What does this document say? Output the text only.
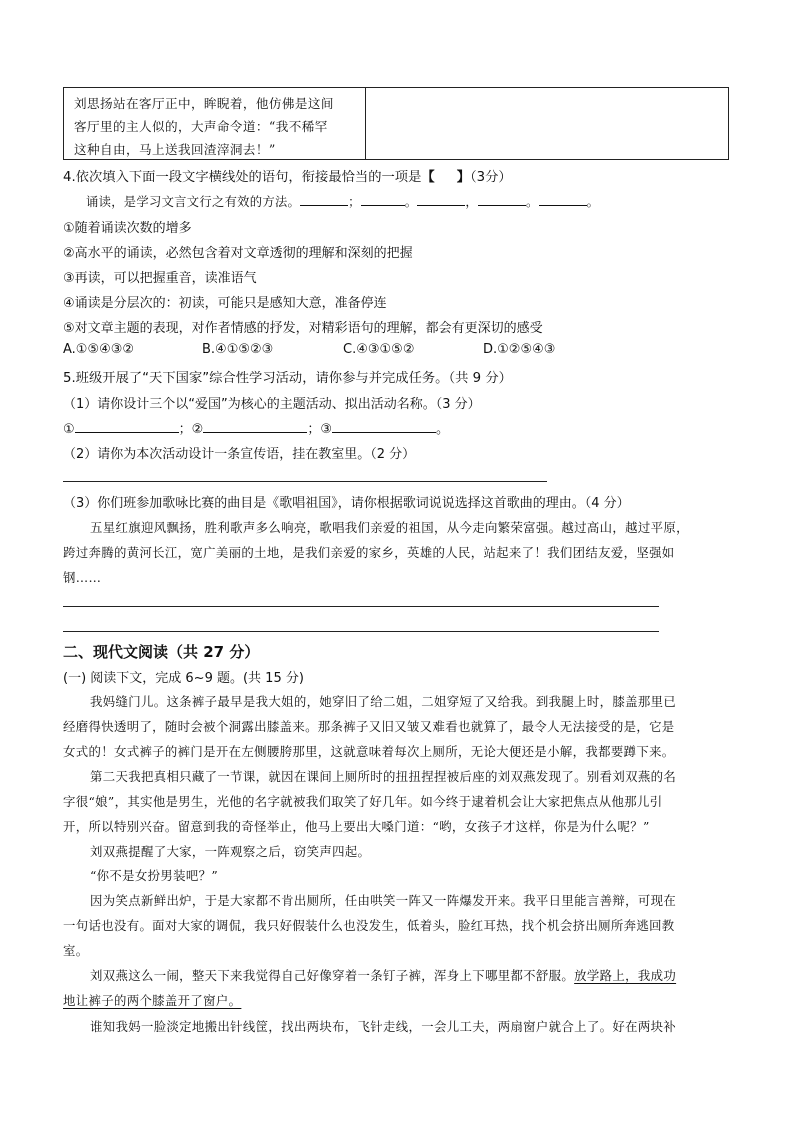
刘思扬站在客厅正中，眸睨着，他仿佛是这间
客厅里的主人似的，大声命令道：“我不稀罕
这种自由，马上送我回渣滓洞去！”
4.依次填入下面一段文字横线处的语句，衔接最恰当的一项是【 】（3分）
诵读，是学习文言文行之有效的方法。	；	。	，	。	。
①随着诵读次数的增多
②高水平的诵读，必然包含着对文章透彻的理解和深刻的把握
③再读，可以把握重音，读准语气
④诵读是分层次的：初读，可能只是感知大意，准备停连
⑤对文章主题的表现，对作者情感的抒发，对精彩语句的理解，都会有更深切的感受
A.①⑤④③②	B.④①⑤②③	C.④③①⑤②	D.①②⑤④③
5.班级开展了“天下国家”综合性学习活动，请你参与并完成任务。（共 9 分）
（1）请你设计三个以“爱国”为核心的主题活动、拟出活动名称。（3 分）
①	；②	；③	。
（2）请你为本次活动设计一条宣传语，挂在教室里。（2 分）
（3）你们班参加歌咏比赛的曲目是《歌唱祖国》，请你根据歌词说说选择这首歌曲的理由。（4 分）
五星红旗迎风飘扬，胜利歌声多么响亮，歌唱我们亲爱的祖国，从今走向繁荣富强。越过高山，越过平原，
跨过奔腾的黄河长江，宽广美丽的土地，是我们亲爱的家乡，英雄的人民，站起来了！我们团结友爱，坚强如
钢……
二、现代文阅读（共 27 分）
(一) 阅读下文，完成 6~9 题。(共 15 分)
我妈缝门儿。这条裤子最早是我大姐的，她穿旧了给二姐，二姐穿短了又给我。到我腿上时，膝盖那里已
经磨得快透明了，随时会被个洞露出膝盖来。那条裤子又旧又皱又难看也就算了，最令人无法接受的是，它是
女式的！女式裤子的裤门是开在左侧腰胯那里，这就意味着每次上厕所，无论大便还是小解，我都要蹲下来。
第二天我把真相只藏了一节课，就因在课间上厕所时的扭扭捏捏被后座的刘双燕发现了。别看刘双燕的名
字很“娘”，其实他是男生，光他的名字就被我们取笑了好几年。如今终于逮着机会让大家把焦点从他那儿引
开，所以特别兴奋。留意到我的奇怪举止，他马上要出大嗓门道：“哟，女孩子才这样，你是为什么呢？”
刘双燕提醒了大家，一阵观察之后，窃笑声四起。
“你不是女扮男装吧？”
因为笑点新鲜出炉，于是大家都不肯出厕所，任由哄笑一阵又一阵爆发开来。我平日里能言善辩，可现在
一句话也没有。面对大家的调侃，我只好假装什么也没发生，低着头，脸红耳热，找个机会挤出厕所奔逃回教
室。
刘双燕这么一闹，整天下来我觉得自己好像穿着一条钉子裤，浑身上下哪里都不舒服。放学路上，我成功
地让裤子的两个膝盖开了窗户。
谁知我妈一脸淡定地搬出针线筐，找出两块布，飞针走线，一会儿工夫，两扇窗户就合上了。好在两块补
